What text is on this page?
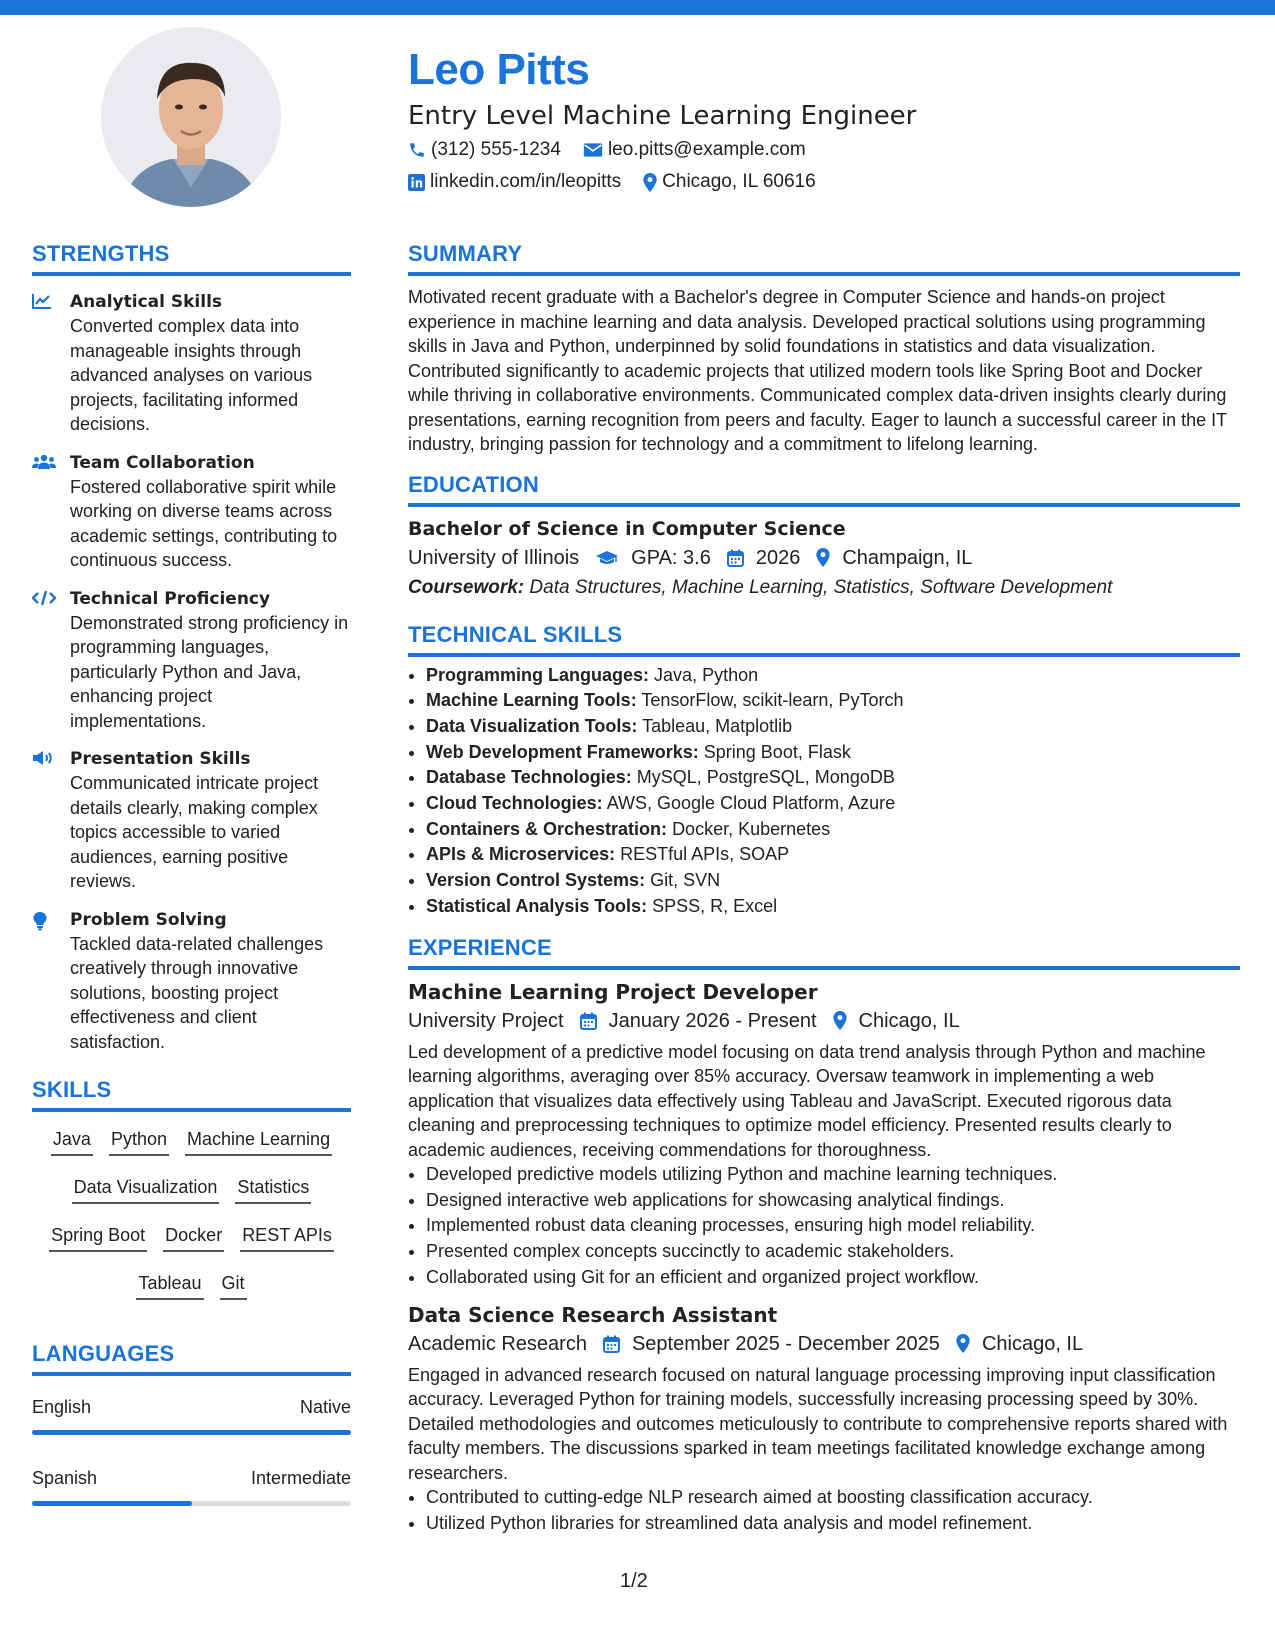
Leo Pitts
Entry Level Machine Learning Engineer
(312) 555-1234 leo.pitts@example.com
linkedin.com/in/leopitts Chicago, IL 60616
STRENGTHS
Analytical Skills
Converted complex data into manageable insights through advanced analyses on various projects, facilitating informed decisions.
Team Collaboration
Fostered collaborative spirit while working on diverse teams across academic settings, contributing to continuous success.
Technical Proficiency
Demonstrated strong proficiency in programming languages, particularly Python and Java, enhancing project implementations.
Presentation Skills
Communicated intricate project details clearly, making complex topics accessible to varied audiences, earning positive reviews.
Problem Solving
Tackled data-related challenges creatively through innovative solutions, boosting project effectiveness and client satisfaction.
SKILLS
Java Python Machine Learning
Data Visualization Statistics
Spring Boot Docker REST APIs
Tableau Git
LANGUAGES
English	Native
Spanish	Intermediate
SUMMARY
Motivated recent graduate with a Bachelor's degree in Computer Science and hands-on project experience in machine learning and data analysis. Developed practical solutions using programming skills in Java and Python, underpinned by solid foundations in statistics and data visualization. Contributed significantly to academic projects that utilized modern tools like Spring Boot and Docker while thriving in collaborative environments. Communicated complex data-driven insights clearly during presentations, earning recognition from peers and faculty. Eager to launch a successful career in the IT industry, bringing passion for technology and a commitment to lifelong learning.
EDUCATION
Bachelor of Science in Computer Science
University of Illinois	GPA: 3.6 2026 Champaign, IL
Coursework: Data Structures, Machine Learning, Statistics, Software Development
TECHNICAL SKILLS
• Programming Languages: Java, Python
• Machine Learning Tools: TensorFlow, scikit-learn, PyTorch
• Data Visualization Tools: Tableau, Matplotlib
• Web Development Frameworks: Spring Boot, Flask
• Database Technologies: MySQL, PostgreSQL, MongoDB
• Cloud Technologies: AWS, Google Cloud Platform, Azure
• Containers & Orchestration: Docker, Kubernetes
• APIs & Microservices: RESTful APIs, SOAP
• Version Control Systems: Git, SVN
• Statistical Analysis Tools: SPSS, R, Excel
EXPERIENCE
Machine Learning Project Developer
University Project January 2026 - Present Chicago, IL
Led development of a predictive model focusing on data trend analysis through Python and machine learning algorithms, averaging over 85% accuracy. Oversaw teamwork in implementing a web application that visualizes data effectively using Tableau and JavaScript. Executed rigorous data cleaning and preprocessing techniques to optimize model efficiency. Presented results clearly to academic audiences, receiving commendations for thoroughness.
• Developed predictive models utilizing Python and machine learning techniques.
• Designed interactive web applications for showcasing analytical findings.
• Implemented robust data cleaning processes, ensuring high model reliability.
• Presented complex concepts succinctly to academic stakeholders.
• Collaborated using Git for an efficient and organized project workflow.
Data Science Research Assistant
Academic Research September 2025 - December 2025 Chicago, IL
Engaged in advanced research focused on natural language processing improving input classification accuracy. Leveraged Python for training models, successfully increasing processing speed by 30%. Detailed methodologies and outcomes meticulously to contribute to comprehensive reports shared with faculty members. The discussions sparked in team meetings facilitated knowledge exchange among researchers.
• Contributed to cutting-edge NLP research aimed at boosting classification accuracy.
• Utilized Python libraries for streamlined data analysis and model refinement.
1/2
